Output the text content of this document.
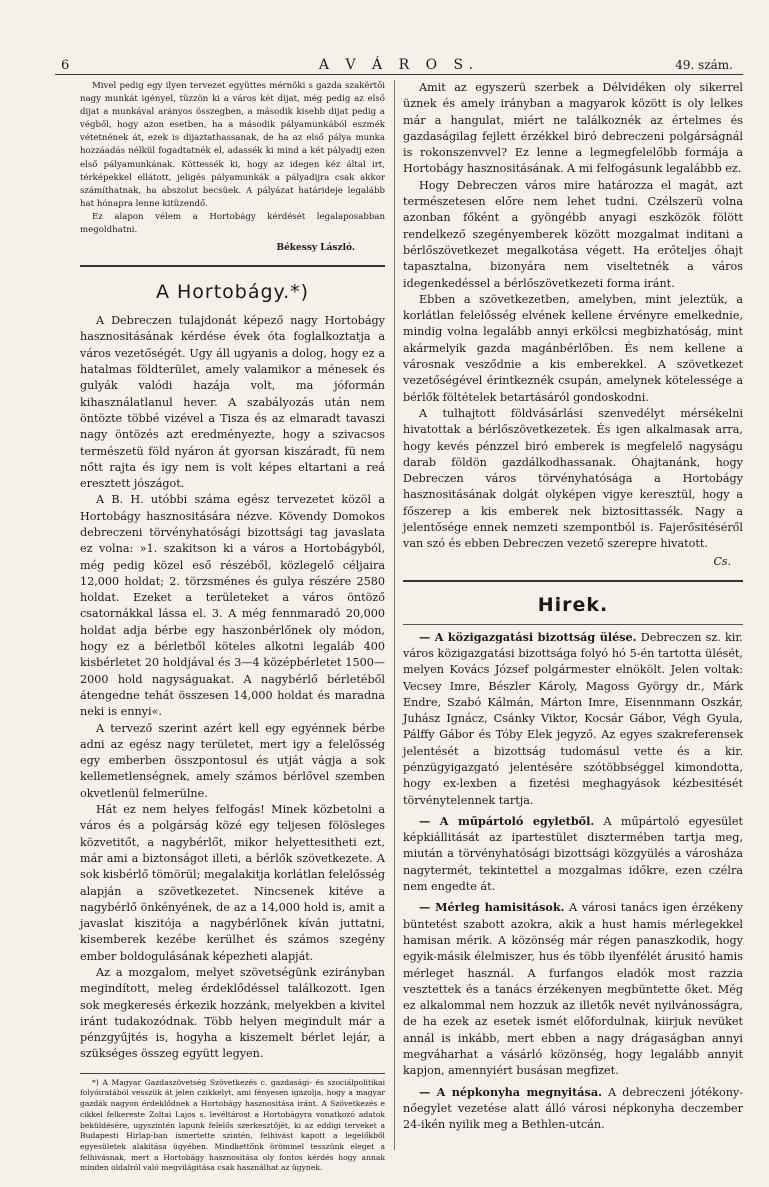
6	A V Á R O S.	49. szám.

Mivel pedig egy ilyen tervezet együttes mérnöki s gazda szakértői nagy munkát igényel, tüzzön ki a város két dijat, még pedig az első dijat a munkával arányos összegben, a második kisebb dijat pedig a végből, hogy azon esetben, ha a második pályamunkából eszmék vétetnének át, ezek is dijaztathassanak, de ha az első pálya munka hozzáadás nélkül fogadtatnék el, adassék ki mind a két pályadij ezen első pályamunkának. Köttessék ki, hogy az idegen kéz által irt, térképekkel ellátott, jeligés pályamunkák a pályadijra csak akkor számíthatnak, ha abszolut becsüek. A pályázat határideje legalább hat hónapra lenne kitüzendő.

Ez alapon vélem a Hortobágy kérdését legalaposabban megoldhatni.

Békessy László.
A Hortobágy.*)

A Debreczen tulajdonát képező nagy Hortobágy hasznositásának kérdése évek óta foglalkoztatja a város vezetőségét. Ugy áll ugyanis a dolog, hogy ez a hatalmas földterület, amely valamikor a ménesek és gulyák valódi hazája volt, ma jóformán kihasználatlanul hever. A szabályozás után nem öntözte többé vizével a Tisza és az elmaradt tavaszi nagy öntözés azt eredményezte, hogy a szivacsos természetü föld nyáron át gyorsan kiszáradt, fü nem nőtt rajta és igy nem is volt képes eltartani a reá eresztett jószágot.

A B. H. utóbbi száma egész tervezetet közöl a Hortobágy hasznositására nézve. Kövendy Domokos debreczeni törvényhatósági bizottsági tag javaslata ez volna: »1. szakitson ki a város a Hortobágyból, még pedig közel eső részéből, közlegelő céljaira 12,000 holdat; 2. törzsménes és gulya részére 2580 holdat. Ezeket a területeket a város öntöző csatornákkal lássa el. 3. A még fennmaradó 20,000 holdat adja bérbe egy haszonbérlőnek oly módon, hogy ez a bérletből köteles alkotni legaláb 400 kisbérletet 20 holdjával és 3—4 középbérletet 1500—2000 hold nagyságuakat. A nagybérlő bérletéből átengedne tehát összesen 14,000 holdat és maradna neki is ennyi«.

A tervező szerint azért kell egy egyénnek bérbe adni az egész nagy területet, mert igy a felelősség egy emberben összpontosul és utját vágja a sok kellemetlenségnek, amely számos bérlővel szemben okvetlenül felmerülne.

Hát ez nem helyes felfogás! Minek közbetolni a város és a polgárság közé egy teljesen fölösleges közvetitőt, a nagybérlőt, mikor helyettesitheti ezt, már ami a biztonságot illeti, a bérlők szövetkezete. A sok kisbérlő tömörül; megalakitja korlátlan felelősség alapján a szövetkezetet. Nincsenek kitéve a nagybérlő önkényének, de az a 14,000 hold is, amit a javaslat kiszitója a nagybérlőnek kíván juttatni, kisemberek kezébe kerülhet és számos szegény ember boldogulásának képezheti alapját.

Az a mozgalom, melyet szövetségünk ezirányban megindított, meleg érdeklődéssel találkozott. Igen sok megkeresés érkezik hozzánk, melyekben a kivitel iránt tudakozódnak. Több helyen megindult már a pénzgyűjtés is, hogyha a kiszemelt bérlet lejár, a szükséges összeg együtt legyen.

*) A Magyar Gazdaszövetség Szövetkezés c. gazdasági- és szociálpolitikai folyóiratából vesszük át jelen czikkelyt, ami fényesen igazolja, hogy a magyar gazdák nagyon érdeklődnek a Hortobágy hasznositása iránt. A Szövetkezés e cikkel felkereste Zoltai Lajos s. levéltárost a Hortobágyra vonatkozó adatok beküldésére, ugyszintén lapunk felelős szerkesztőjét, ki az eddigi terveket a Budapesti Hirlap-ban ismertette szintén, felhivást kapott a legelőkből egyesületek alakitása ügyében. Mindkettőnk örömmel tesszünk eleget a felhivásnak, mert a Hortobágy hasznositása oly fontos kérdés hogy annak minden oldalról való megvilágitása csak használhat az ügynek.

Amit az egyszerü szerbek a Délvidéken oly sikerrel üznek és amely irányban a magyarok között is oly lelkes már a hangulat, miért ne találkoznék az értelmes és gazdaságilag fejlett érzékkel biró debreczeni polgárságnál is rokonszenvvel? Ez lenne a legmegfelelőbb formája a Hortobágy hasznositásának. A mi felfogásunk legalábbb ez.

Hogy Debreczen város mire határozza el magát, azt természetesen előre nem lehet tudni. Czélszerü volna azonban főként a gyöngébb anyagi eszközök fölött rendelkező szegényemberek között mozgalmat inditani a bérlőszövetkezet megalkotása végett. Ha erőteljes óhajt tapasztalna, bizonyára nem viseltetnék a város idegenkedéssel a bérlőszövetkezeti forma iránt.

Ebben a szövetkezetben, amelyben, mint jeleztük, a korlátlan felelősség elvének kellene érvényre emelkednie, mindig volna legalább annyi erkölcsi megbizhatóság, mint akármelyik gazda magánbérlőben. És nem kellene a városnak vesződnie a kis emberekkel. A szövetkezet vezetőségével érintkeznék csupán, amelynek kötelessége a bérlők föltételek betartásáról gondoskodni.

A tulhajtott földvásárlási szenvedélyt mérsékelni hivatottak a bérlőszövetkezetek. És igen alkalmasak arra, hogy kevés pénzzel biró emberek is megfelelő nagyságu darab földön gazdálkodhassanak. Óhajtanánk, hogy Debreczen város törvényhatósága a Hortobágy hasznositásának dolgát olyképen vigye keresztül, hogy a főszerep a kis emberek nek biztosittassék. Nagy a jelentősége ennek nemzeti szempontból is. Fajerősitéséről van szó és ebben Debreczen vezető szerepre hivatott.

Cs.
Hirek.

— A közigazgatási bizottság ülése. Debreczen sz. kir. város közigazgatási bizottsága folyó hó 5-én tartotta ülését, melyen Kovács József polgármester elnökölt. Jelen voltak: Vecsey Imre, Bészler Károly, Magoss György dr., Márk Endre, Szabó Kálmán, Márton Imre, Eisennmann Oszkár, Juhász Ignácz, Csánky Viktor, Kocsár Gábor, Végh Gyula, Pálffy Gábor és Tóby Elek jegyző. Az egyes szakreferensek jelentését a bizottság tudomásul vette és a kir. pénzügyigazgató jelentésére szótöbbséggel kimondotta, hogy ex-lexben a fizetési meghagyások kézbesitését törvénytelennek tartja.

— A műpártoló egyletből. A műpártoló egyesület képkiállitását az ipartestület disztermében tartja meg, miután a törvényhatósági bizottsági közgyülés a városháza nagytermét, tekintettel a mozgalmas időkre, ezen czélra nem engedte át.

— Mérleg hamisitások. A városi tanács igen érzékeny büntetést szabott azokra, akik a hust hamis mérlegekkel hamisan mérik. A közönség már régen panaszkodik, hogy egyik-másik élelmiszer, hus és több ilyenfélét árusitó hamis mérleget használ. A furfangos eladók most razzia vesztettek és a tanács érzékenyen megbüntette őket. Még ez alkalommal nem hozzuk az illetők nevét nyilvánosságra, de ha ezek az esetek ismét előfordulnak, kiirjuk nevüket annál is inkább, mert ebben a nagy drágaságban annyi megváharhat a vásárló közönség, hogy legalább annyit kapjon, amennyiért busásan megfizet.

— A népkonyha megnyitása. A debreczeni jótékony-nőegylet vezetése alatt álló városi népkonyha deczember 24-ikén nyilik meg a Bethlen-utcán.
